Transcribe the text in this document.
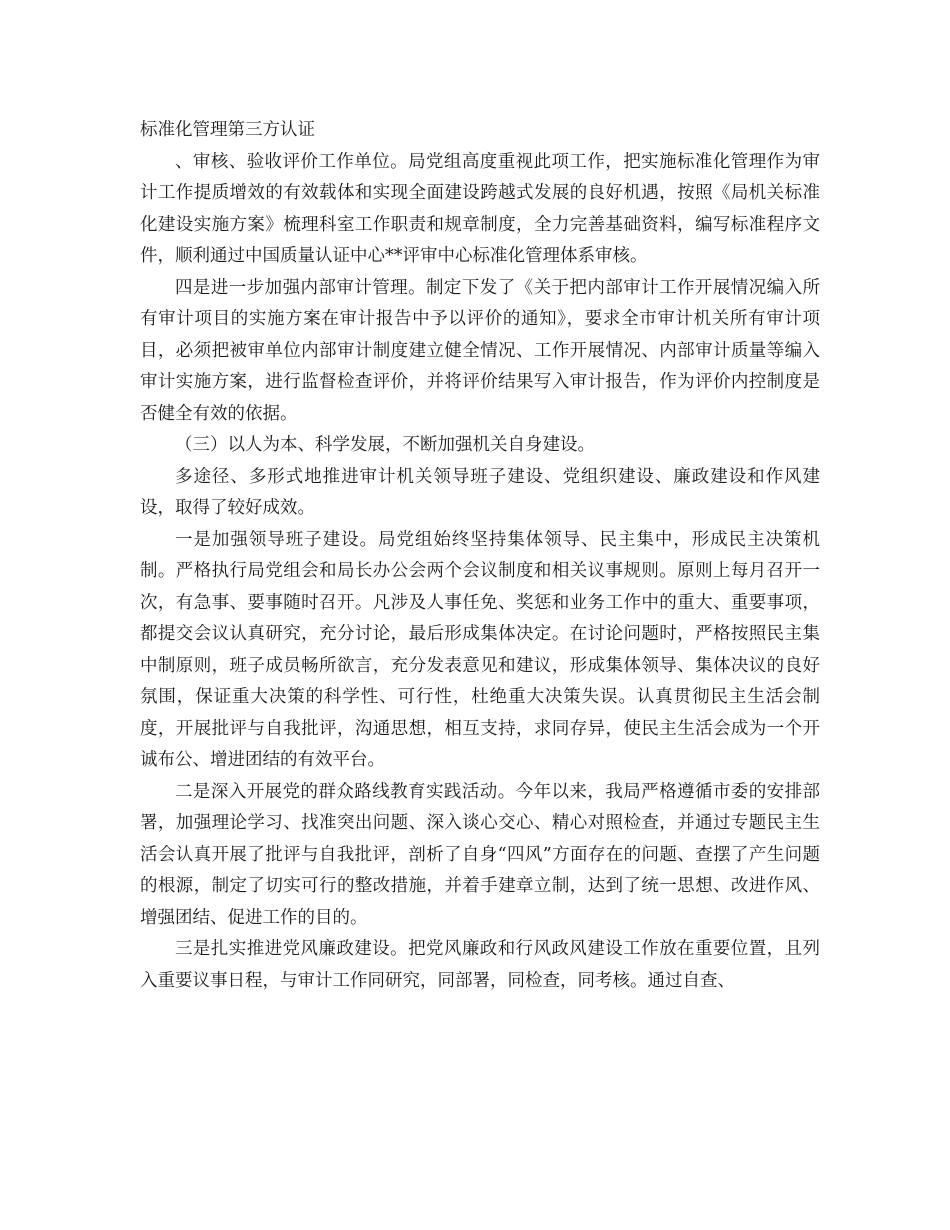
标准化管理第三方认证

、审核、验收评价工作单位。局党组高度重视此项工作，把实施标准化管理作为审计工作提质增效的有效载体和实现全面建设跨越式发展的良好机遇，按照《局机关标准化建设实施方案》梳理科室工作职责和规章制度，全力完善基础资料，编写标准程序文件，顺利通过中国质量认证中心**评审中心标准化管理体系审核。

四是进一步加强内部审计管理。制定下发了《关于把内部审计工作开展情况编入所有审计项目的实施方案在审计报告中予以评价的通知》，要求全市审计机关所有审计项目，必须把被审单位内部审计制度建立健全情况、工作开展情况、内部审计质量等编入审计实施方案，进行监督检查评价，并将评价结果写入审计报告，作为评价内控制度是否健全有效的依据。

（三）以人为本、科学发展，不断加强机关自身建设。

多途径、多形式地推进审计机关领导班子建设、党组织建设、廉政建设和作风建设，取得了较好成效。

一是加强领导班子建设。局党组始终坚持集体领导、民主集中，形成民主决策机制。严格执行局党组会和局长办公会两个会议制度和相关议事规则。原则上每月召开一次，有急事、要事随时召开。凡涉及人事任免、奖惩和业务工作中的重大、重要事项，都提交会议认真研究，充分讨论，最后形成集体决定。在讨论问题时，严格按照民主集中制原则，班子成员畅所欲言，充分发表意见和建议，形成集体领导、集体决议的良好氛围，保证重大决策的科学性、可行性，杜绝重大决策失误。认真贯彻民主生活会制度，开展批评与自我批评，沟通思想，相互支持，求同存异，使民主生活会成为一个开诚布公、增进团结的有效平台。

二是深入开展党的群众路线教育实践活动。今年以来，我局严格遵循市委的安排部署，加强理论学习、找准突出问题、深入谈心交心、精心对照检查，并通过专题民主生活会认真开展了批评与自我批评，剖析了自身“四风”方面存在的问题、查摆了产生问题的根源，制定了切实可行的整改措施，并着手建章立制，达到了统一思想、改进作风、增强团结、促进工作的目的。

三是扎实推进党风廉政建设。把党风廉政和行风政风建设工作放在重要位置，且列入重要议事日程，与审计工作同研究，同部署，同检查，同考核。通过自查、
